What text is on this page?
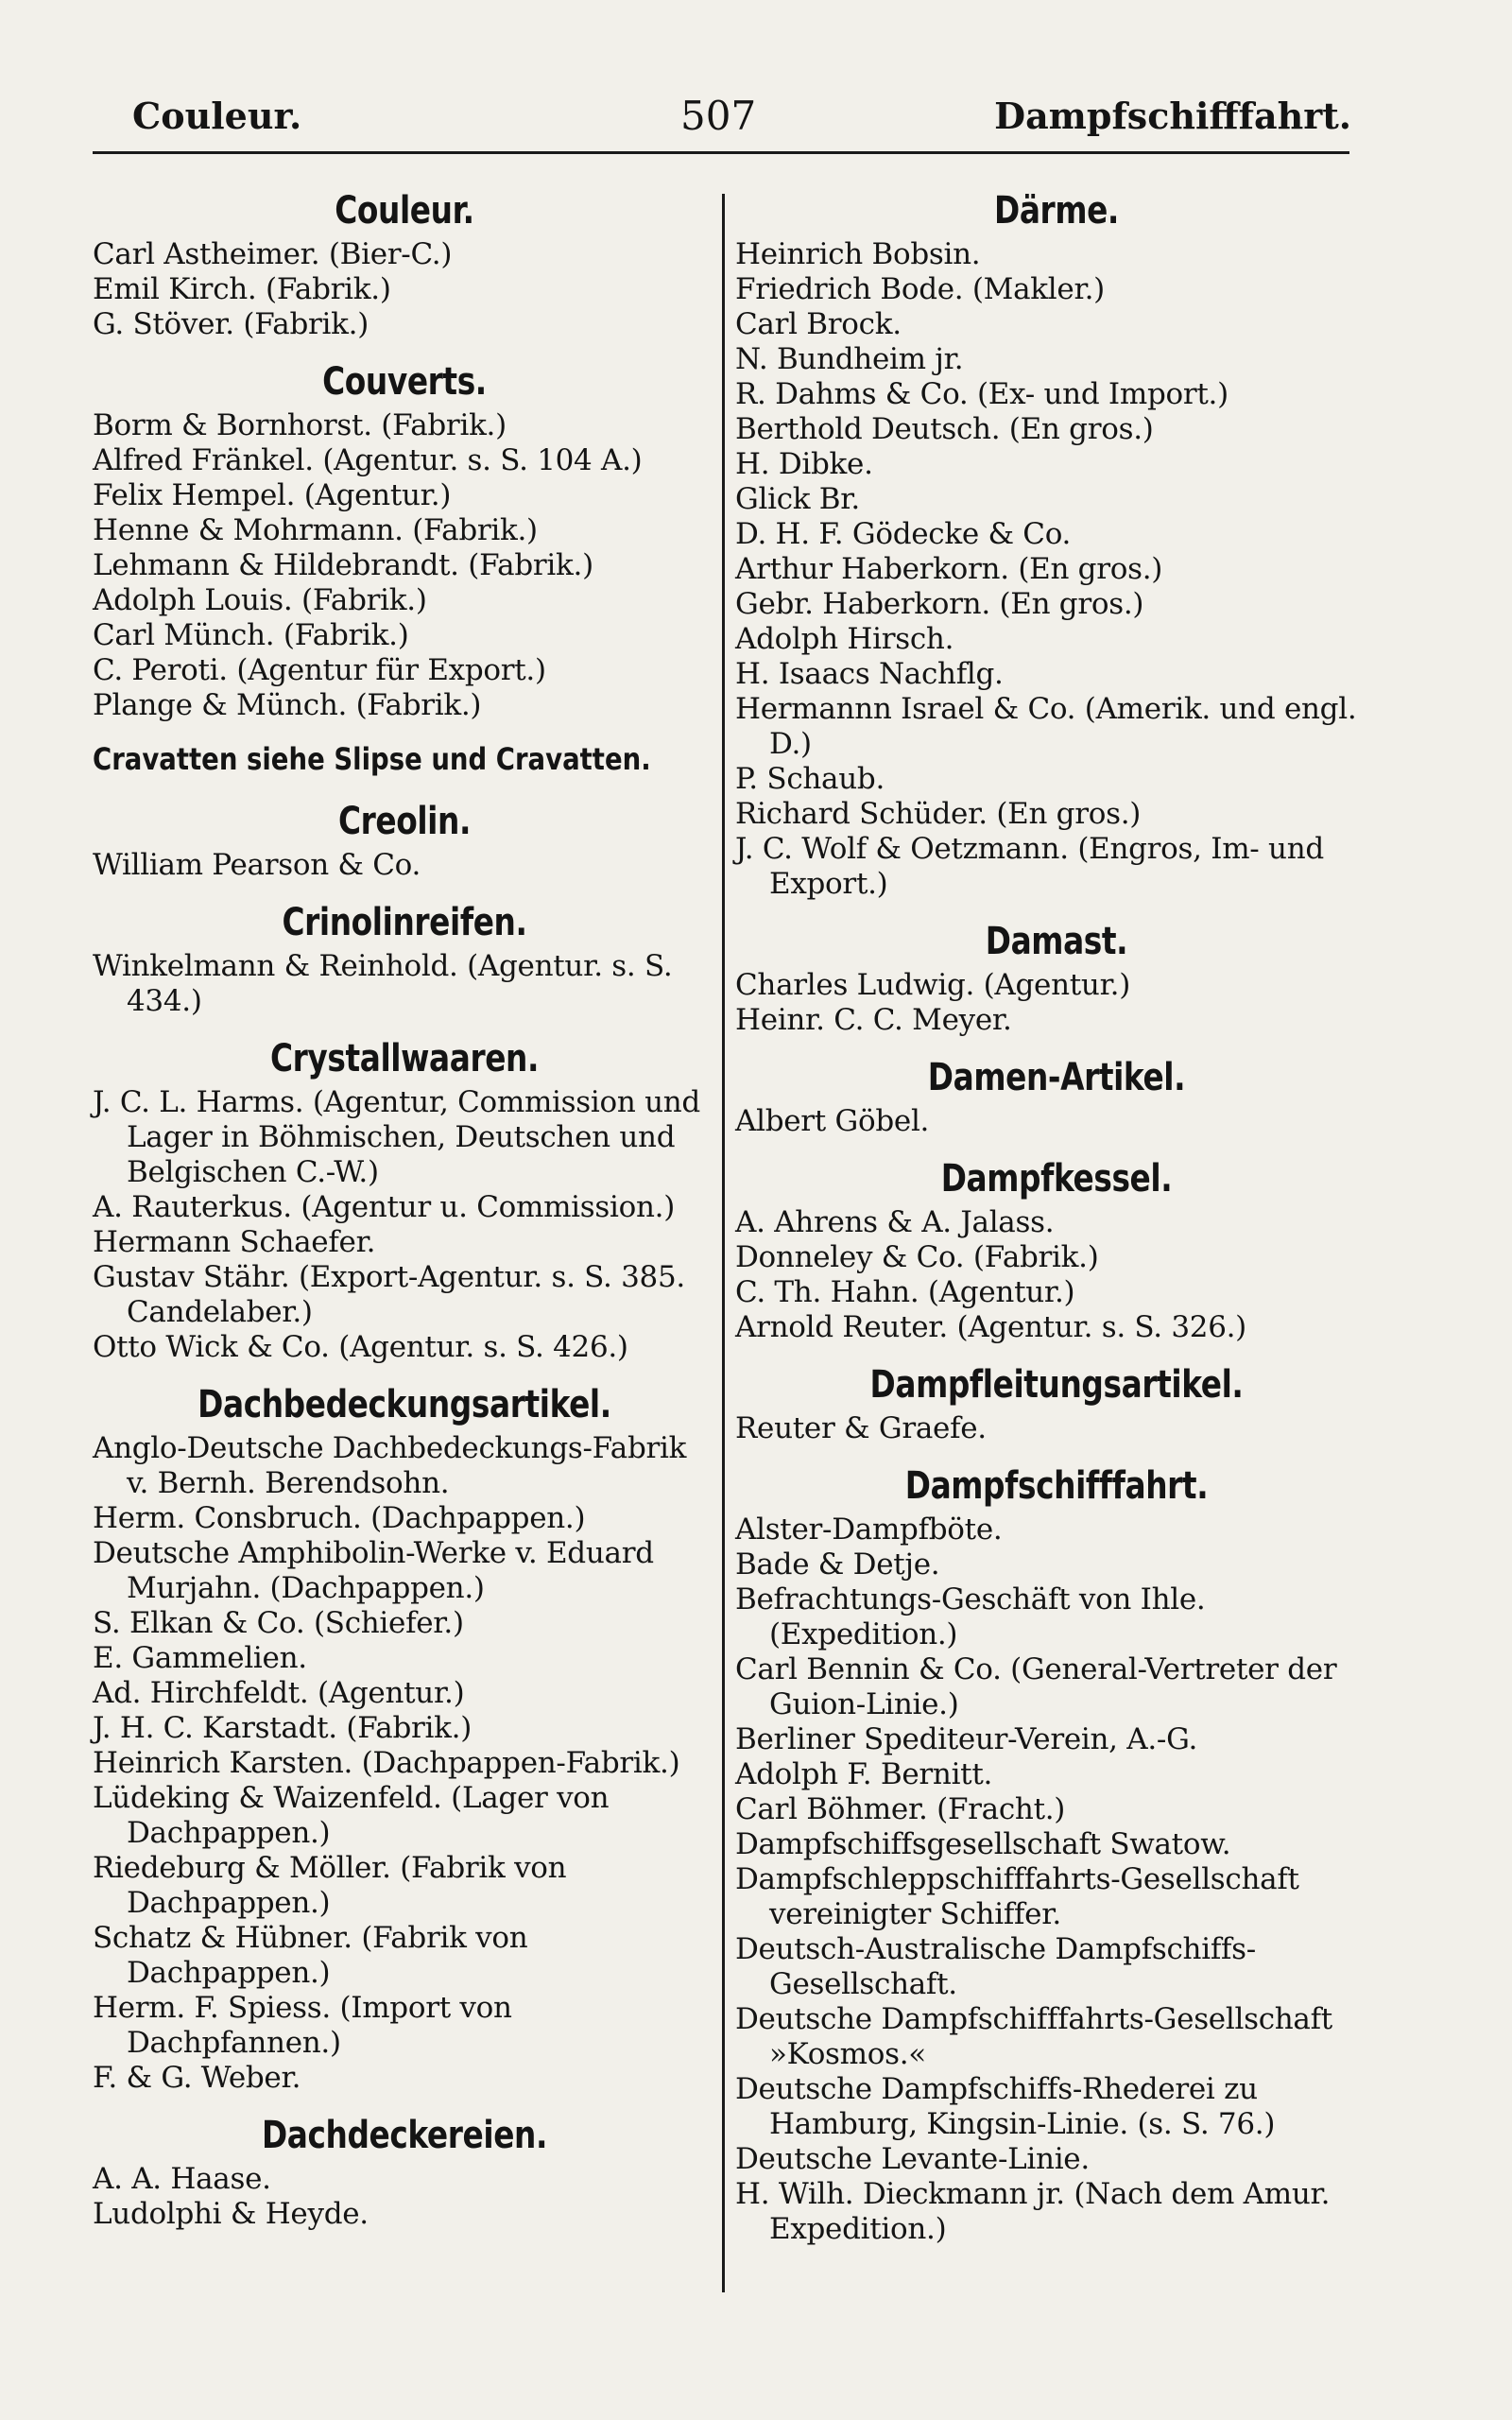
Couleur.	507	Dampfschifffahrt.
Couleur.
Carl Astheimer. (Bier-C.)
Emil Kirch. (Fabrik.)
G. Stöver. (Fabrik.)
Couverts.
Borm & Bornhorst. (Fabrik.)
Alfred Fränkel. (Agentur. s. S. 104 A.)
Felix Hempel. (Agentur.)
Henne & Mohrmann. (Fabrik.)
Lehmann & Hildebrandt. (Fabrik.)
Adolph Louis. (Fabrik.)
Carl Münch. (Fabrik.)
C. Peroti. (Agentur für Export.)
Plange & Münch. (Fabrik.)
Cravatten siehe Slipse und Cravatten.
Creolin.
William Pearson & Co.
Crinolinreifen.
Winkelmann & Reinhold. (Agentur. s. S. 434.)
Crystallwaaren.
J. C. L. Harms. (Agentur, Commission und Lager in Böhmischen, Deutschen und Belgischen C.-W.)
A. Rauterkus. (Agentur u. Commission.)
Hermann Schaefer.
Gustav Stähr. (Export-Agentur. s. S. 385. Candelaber.)
Otto Wick & Co. (Agentur. s. S. 426.)
Dachbedeckungsartikel.
Anglo-Deutsche Dachbedeckungs-Fabrik v. Bernh. Berendsohn.
Herm. Consbruch. (Dachpappen.)
Deutsche Amphibolin-Werke v. Eduard Murjahn. (Dachpappen.)
S. Elkan & Co. (Schiefer.)
E. Gammelien.
Ad. Hirchfeldt. (Agentur.)
J. H. C. Karstadt. (Fabrik.)
Heinrich Karsten. (Dachpappen-Fabrik.)
Lüdeking & Waizenfeld. (Lager von Dachpappen.)
Riedeburg & Möller. (Fabrik von Dachpappen.)
Schatz & Hübner. (Fabrik von Dachpappen.)
Herm. F. Spiess. (Import von Dachpfannen.)
F. & G. Weber.
Dachdeckereien.
A. A. Haase.
Ludolphi & Heyde.
Därme.
Heinrich Bobsin.
Friedrich Bode. (Makler.)
Carl Brock.
N. Bundheim jr.
R. Dahms & Co. (Ex- und Import.)
Berthold Deutsch. (En gros.)
H. Dibke.
Glick Br.
D. H. F. Gödecke & Co.
Arthur Haberkorn. (En gros.)
Gebr. Haberkorn. (En gros.)
Adolph Hirsch.
H. Isaacs Nachflg.
Hermannn Israel & Co. (Amerik. und engl. D.)
P. Schaub.
Richard Schüder. (En gros.)
J. C. Wolf & Oetzmann. (Engros, Im- und Export.)
Damast.
Charles Ludwig. (Agentur.)
Heinr. C. C. Meyer.
Damen-Artikel.
Albert Göbel.
Dampfkessel.
A. Ahrens & A. Jalass.
Donneley & Co. (Fabrik.)
C. Th. Hahn. (Agentur.)
Arnold Reuter. (Agentur. s. S. 326.)
Dampfleitungsartikel.
Reuter & Graefe.
Dampfschifffahrt.
Alster-Dampfböte.
Bade & Detje.
Befrachtungs-Geschäft von Ihle. (Expedition.)
Carl Bennin & Co. (General-Vertreter der Guion-Linie.)
Berliner Spediteur-Verein, A.-G.
Adolph F. Bernitt.
Carl Böhmer. (Fracht.)
Dampfschiffsgesellschaft Swatow.
Dampfschleppschifffahrts-Gesellschaft vereinigter Schiffer.
Deutsch-Australische Dampfschiffs-Gesellschaft.
Deutsche Dampfschifffahrts-Gesellschaft »Kosmos.«
Deutsche Dampfschiffs-Rhederei zu Hamburg, Kingsin-Linie. (s. S. 76.)
Deutsche Levante-Linie.
H. Wilh. Dieckmann jr. (Nach dem Amur. Expedition.)
